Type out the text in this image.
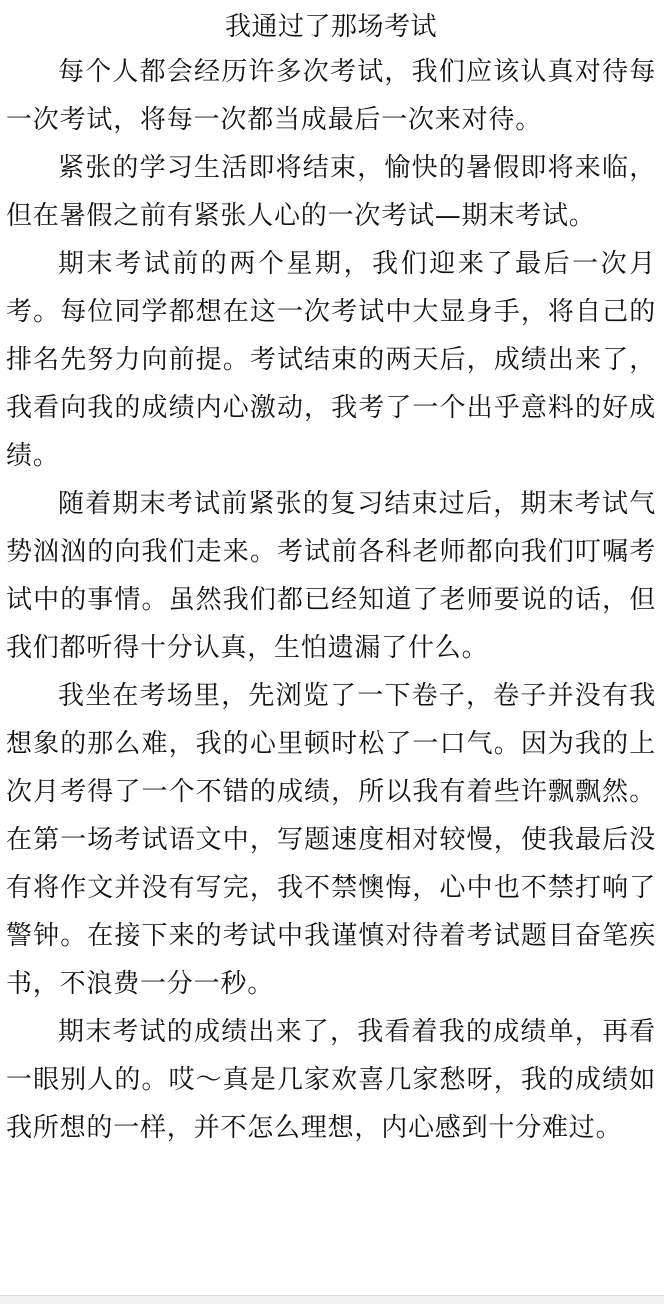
我通过了那场考试

每个人都会经历许多次考试，我们应该认真对待每一次考试，将每一次都当成最后一次来对待。

紧张的学习生活即将结束，愉快的暑假即将来临，但在暑假之前有紧张人心的一次考试—期末考试。

期末考试前的两个星期，我们迎来了最后一次月考。每位同学都想在这一次考试中大显身手，将自己的排名先努力向前提。考试结束的两天后，成绩出来了，我看向我的成绩内心激动，我考了一个出乎意料的好成绩。

随着期末考试前紧张的复习结束过后，期末考试气势汹汹的向我们走来。考试前各科老师都向我们叮嘱考试中的事情。虽然我们都已经知道了老师要说的话，但我们都听得十分认真，生怕遗漏了什么。

我坐在考场里，先浏览了一下卷子，卷子并没有我想象的那么难，我的心里顿时松了一口气。因为我的上次月考得了一个不错的成绩，所以我有着些许飘飘然。在第一场考试语文中，写题速度相对较慢，使我最后没有将作文并没有写完，我不禁懊悔，心中也不禁打响了警钟。在接下来的考试中我谨慎对待着考试题目奋笔疾书，不浪费一分一秒。

期末考试的成绩出来了，我看着我的成绩单，再看一眼别人的。哎～真是几家欢喜几家愁呀，我的成绩如我所想的一样，并不怎么理想，内心感到十分难过。
